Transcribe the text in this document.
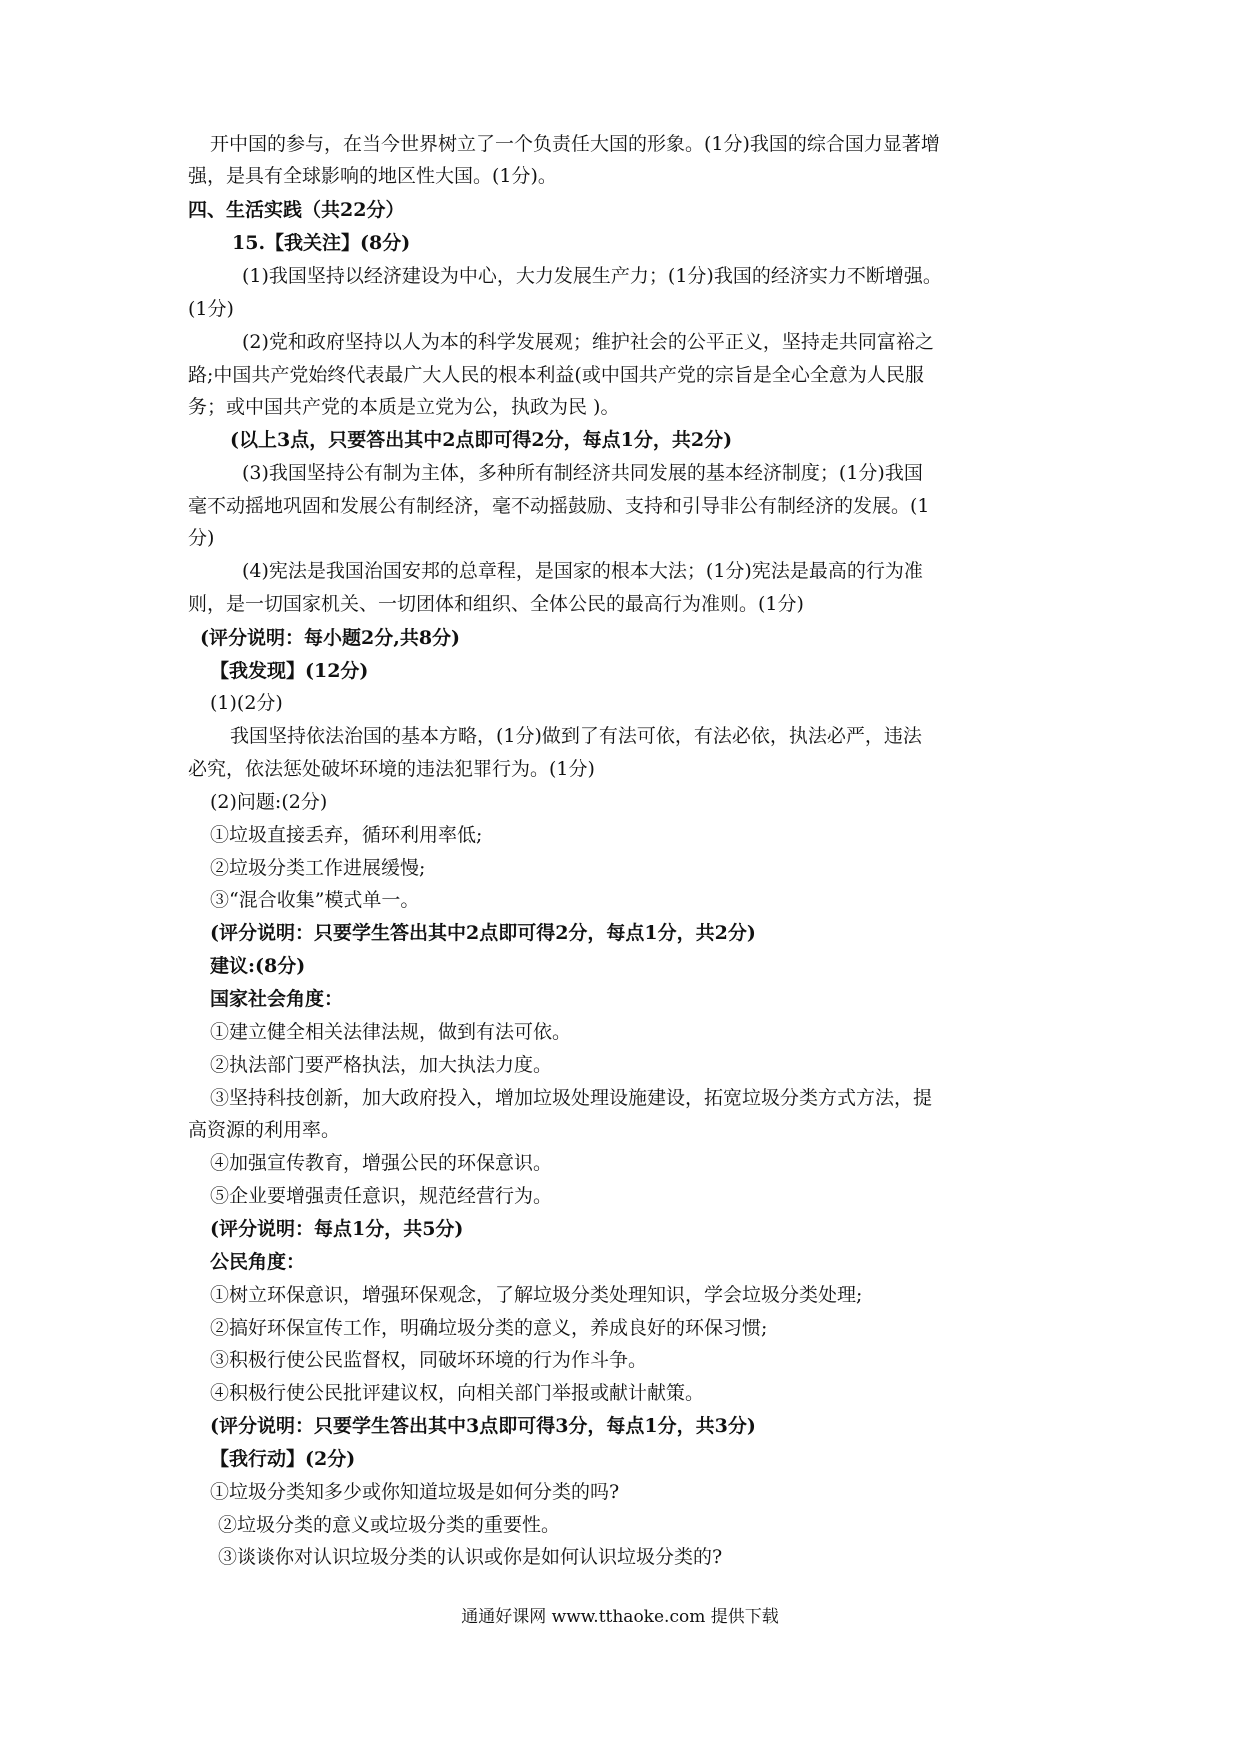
开中国的参与，在当今世界树立了一个负责任大国的形象。(1分)我国的综合国力显著增
强，是具有全球影响的地区性大国。(1分)。
四、生活实践（共22分）
15.【我关注】(8分)
(1)我国坚持以经济建设为中心，大力发展生产力；(1分)我国的经济实力不断增强。
(1分)
(2)党和政府坚持以人为本的科学发展观；维护社会的公平正义，坚持走共同富裕之
路;中国共产党始终代表最广大人民的根本利益(或中国共产党的宗旨是全心全意为人民服
务；或中国共产党的本质是立党为公，执政为民 )。
(以上3点，只要答出其中2点即可得2分，每点1分，共2分)
(3)我国坚持公有制为主体，多种所有制经济共同发展的基本经济制度；(1分)我国
毫不动摇地巩固和发展公有制经济，毫不动摇鼓励、支持和引导非公有制经济的发展。(1
分)
(4)宪法是我国治国安邦的总章程，是国家的根本大法；(1分)宪法是最高的行为准
则，是一切国家机关、一切团体和组织、全体公民的最高行为准则。(1分)
(评分说明：每小题2分,共8分)
【我发现】(12分)
(1)(2分)
我国坚持依法治国的基本方略，(1分)做到了有法可依，有法必依，执法必严，违法
必究，依法惩处破坏环境的违法犯罪行为。(1分)
(2)问题:(2分)
①垃圾直接丢弃，循环利用率低;
②垃圾分类工作进展缓慢;
③“混合收集”模式单一。
(评分说明：只要学生答出其中2点即可得2分，每点1分，共2分)
建议:(8分)
国家社会角度：
①建立健全相关法律法规，做到有法可依。
②执法部门要严格执法，加大执法力度。
③坚持科技创新，加大政府投入，增加垃圾处理设施建设，拓宽垃圾分类方式方法，提
高资源的利用率。
④加强宣传教育，增强公民的环保意识。
⑤企业要增强责任意识，规范经营行为。
(评分说明：每点1分，共5分)
公民角度：
①树立环保意识，增强环保观念，了解垃圾分类处理知识，学会垃圾分类处理;
②搞好环保宣传工作，明确垃圾分类的意义，养成良好的环保习惯;
③积极行使公民监督权，同破坏环境的行为作斗争。
④积极行使公民批评建议权，向相关部门举报或献计献策。
(评分说明：只要学生答出其中3点即可得3分，每点1分，共3分)
【我行动】(2分)
①垃圾分类知多少或你知道垃圾是如何分类的吗?
②垃圾分类的意义或垃圾分类的重要性。
③谈谈你对认识垃圾分类的认识或你是如何认识垃圾分类的?
通通好课网 www.tthaoke.com 提供下载
